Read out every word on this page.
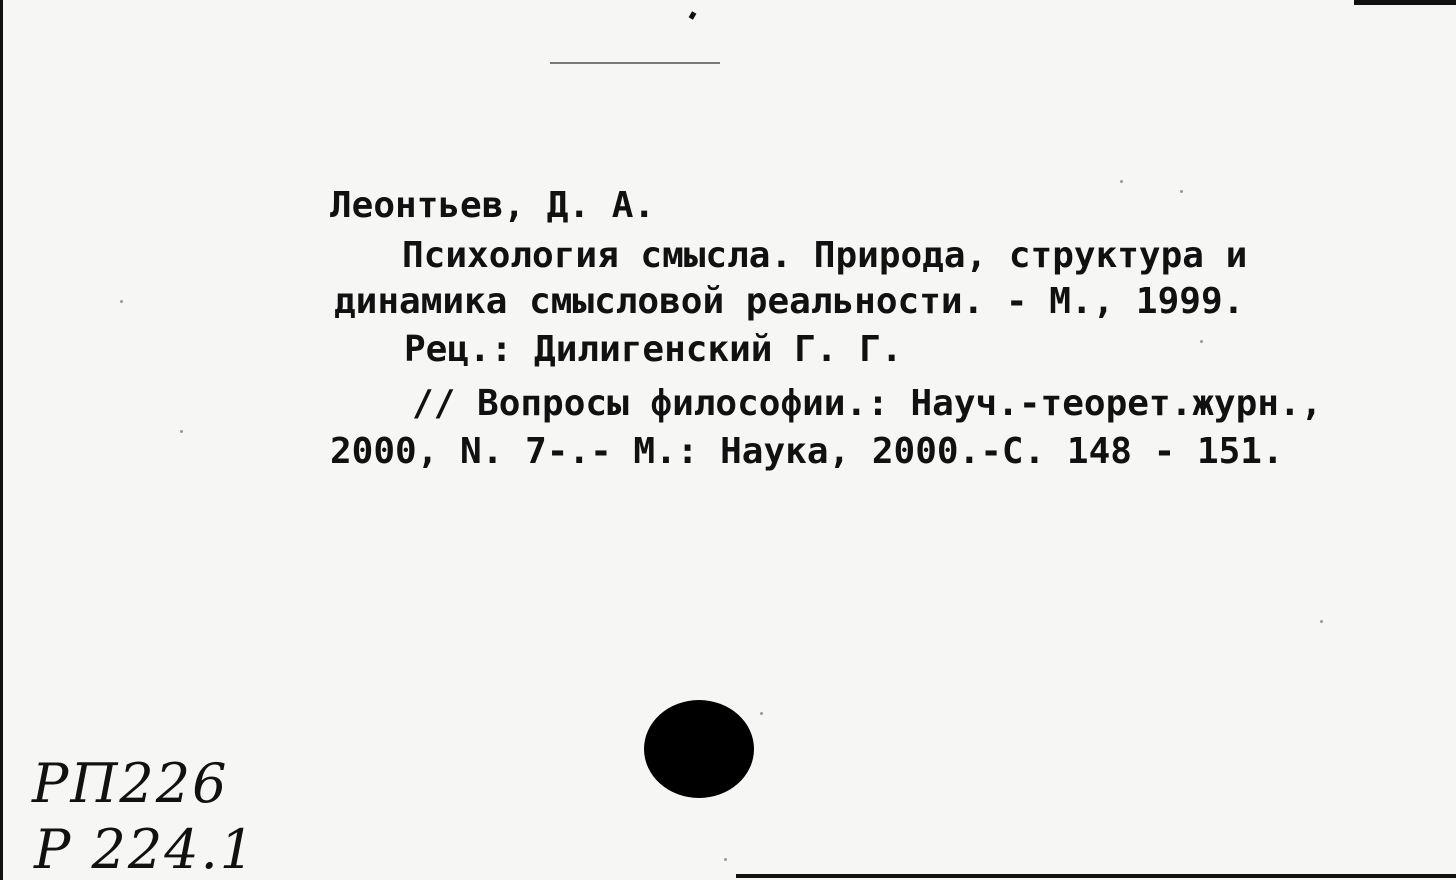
Леонтьев, Д. А.
Психология смысла. Природа, структура и
динамика смысловой реальности. - М., 1999.
Рец.: Дилигенский Г. Г.
// Вопросы философии.: Науч.-теорет.журн.,
2000, N. 7-.- М.: Наука, 2000.-С. 148 - 151.
РП226
Р 224.1
